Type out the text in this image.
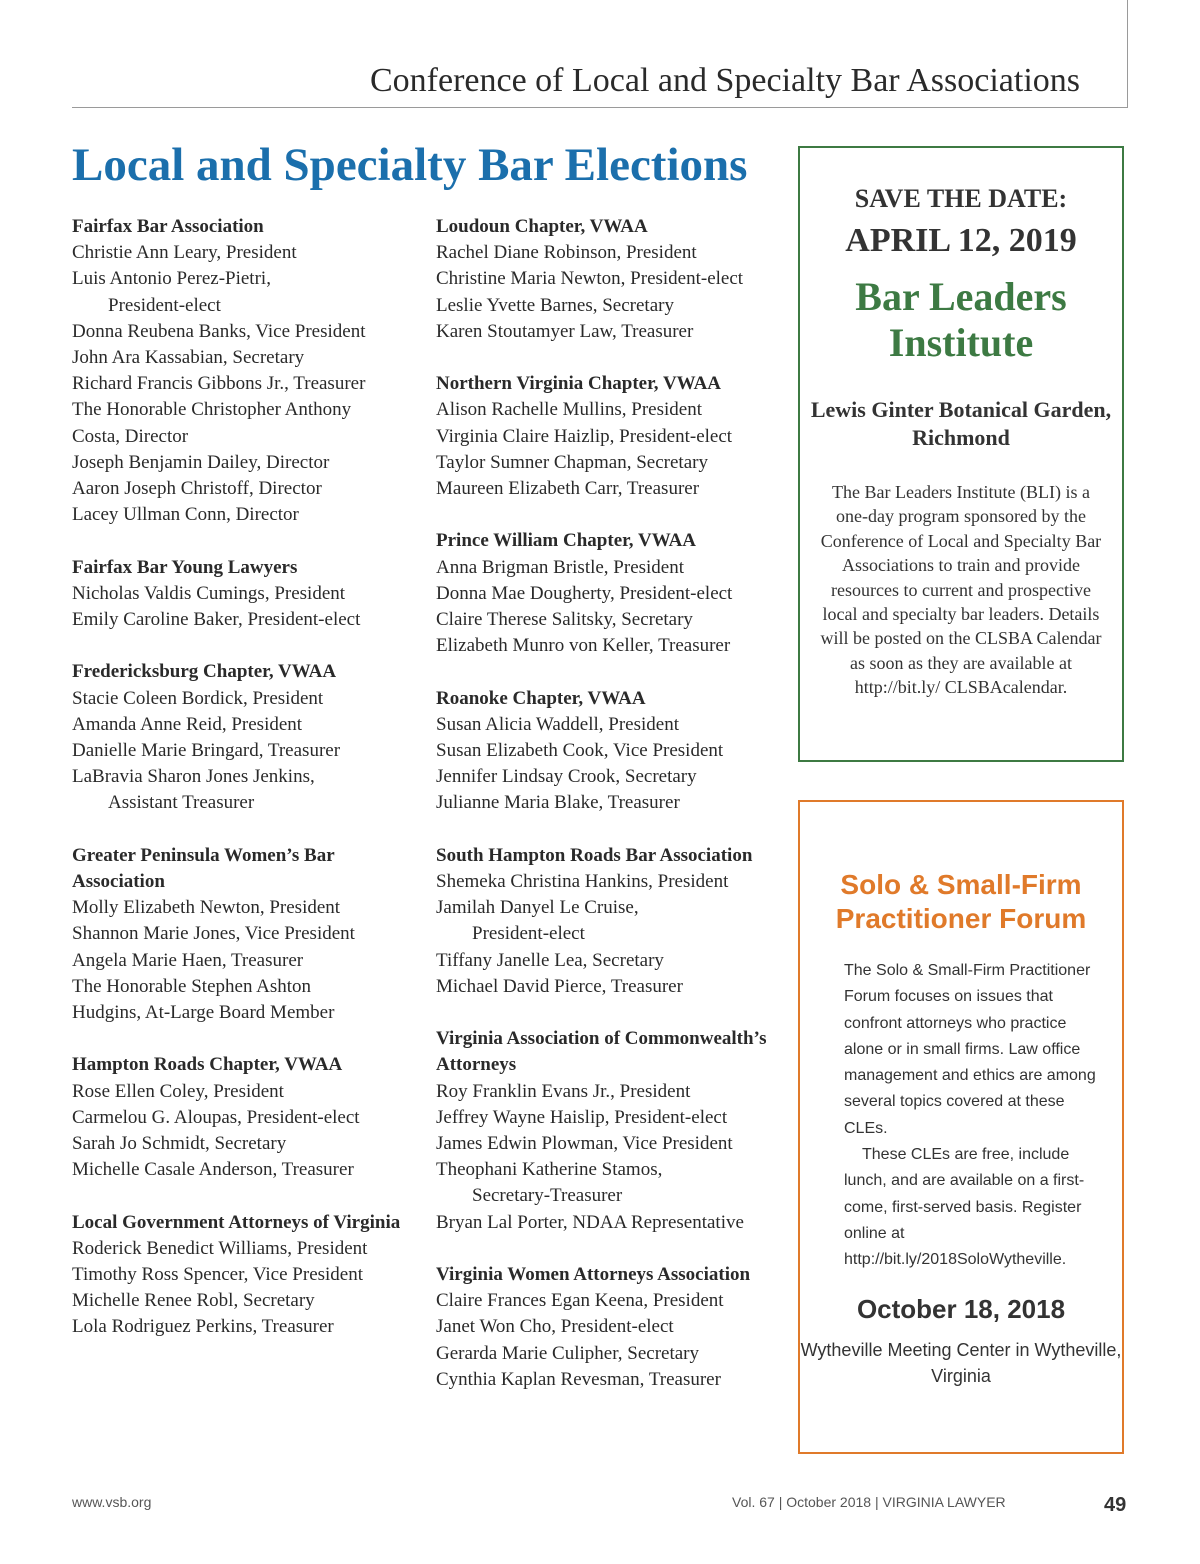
Conference of Local and Specialty Bar Associations
Local and Specialty Bar Elections
Fairfax Bar Association
Christie Ann Leary, President
Luis Antonio Perez-Pietri,
President-elect
Donna Reubena Banks, Vice President
John Ara Kassabian, Secretary
Richard Francis Gibbons Jr., Treasurer
The Honorable Christopher Anthony
Costa, Director
Joseph Benjamin Dailey, Director
Aaron Joseph Christoff, Director
Lacey Ullman Conn, Director
Fairfax Bar Young Lawyers
Nicholas Valdis Cumings, President
Emily Caroline Baker, President-elect
Fredericksburg Chapter, VWAA
Stacie Coleen Bordick, President
Amanda Anne Reid, President
Danielle Marie Bringard, Treasurer
LaBravia Sharon Jones Jenkins,
Assistant Treasurer
Greater Peninsula Women’s Bar Association
Molly Elizabeth Newton, President
Shannon Marie Jones, Vice President
Angela Marie Haen, Treasurer
The Honorable Stephen Ashton
Hudgins, At-Large Board Member
Hampton Roads Chapter, VWAA
Rose Ellen Coley, President
Carmelou G. Aloupas, President-elect
Sarah Jo Schmidt, Secretary
Michelle Casale Anderson, Treasurer
Local Government Attorneys of Virginia
Roderick Benedict Williams, President
Timothy Ross Spencer, Vice President
Michelle Renee Robl, Secretary
Lola Rodriguez Perkins, Treasurer
Loudoun Chapter, VWAA
Rachel Diane Robinson, President
Christine Maria Newton, President-elect
Leslie Yvette Barnes, Secretary
Karen Stoutamyer Law, Treasurer
Northern Virginia Chapter, VWAA
Alison Rachelle Mullins, President
Virginia Claire Haizlip, President-elect
Taylor Sumner Chapman, Secretary
Maureen Elizabeth Carr, Treasurer
Prince William Chapter, VWAA
Anna Brigman Bristle, President
Donna Mae Dougherty, President-elect
Claire Therese Salitsky, Secretary
Elizabeth Munro von Keller, Treasurer
Roanoke Chapter, VWAA
Susan Alicia Waddell, President
Susan Elizabeth Cook, Vice President
Jennifer Lindsay Crook, Secretary
Julianne Maria Blake, Treasurer
South Hampton Roads Bar Association
Shemeka Christina Hankins, President
Jamilah Danyel Le Cruise,
President-elect
Tiffany Janelle Lea, Secretary
Michael David Pierce, Treasurer
Virginia Association of Commonwealth’s Attorneys
Roy Franklin Evans Jr., President
Jeffrey Wayne Haislip, President-elect
James Edwin Plowman, Vice President
Theophani Katherine Stamos,
Secretary-Treasurer
Bryan Lal Porter, NDAA Representative
Virginia Women Attorneys Association
Claire Frances Egan Keena, President
Janet Won Cho, President-elect
Gerarda Marie Culipher, Secretary
Cynthia Kaplan Revesman, Treasurer
SAVE THE DATE:
APRIL 12, 2019
Bar Leaders Institute
Lewis Ginter Botanical Garden, Richmond
The Bar Leaders Institute (BLI) is a one-day program sponsored by the Conference of Local and Specialty Bar Associations to train and provide resources to current and prospective local and specialty bar leaders. Details will be posted on the CLSBA Calendar as soon as they are available at http://bit.ly/ CLSBAcalendar.
Solo & Small-Firm Practitioner Forum

The Solo & Small-Firm Practitioner Forum focuses on issues that confront attorneys who practice alone or in small firms. Law office management and ethics are among several topics covered at these CLEs.

These CLEs are free, include lunch, and are available on a first-come, first-served basis. Register online at http://bit.ly/2018SoloWytheville.

October 18, 2018
Wytheville Meeting Center in Wytheville, Virginia
www.vsb.org	Vol. 67 | October 2018 | VIRGINIA LAWYER	49
